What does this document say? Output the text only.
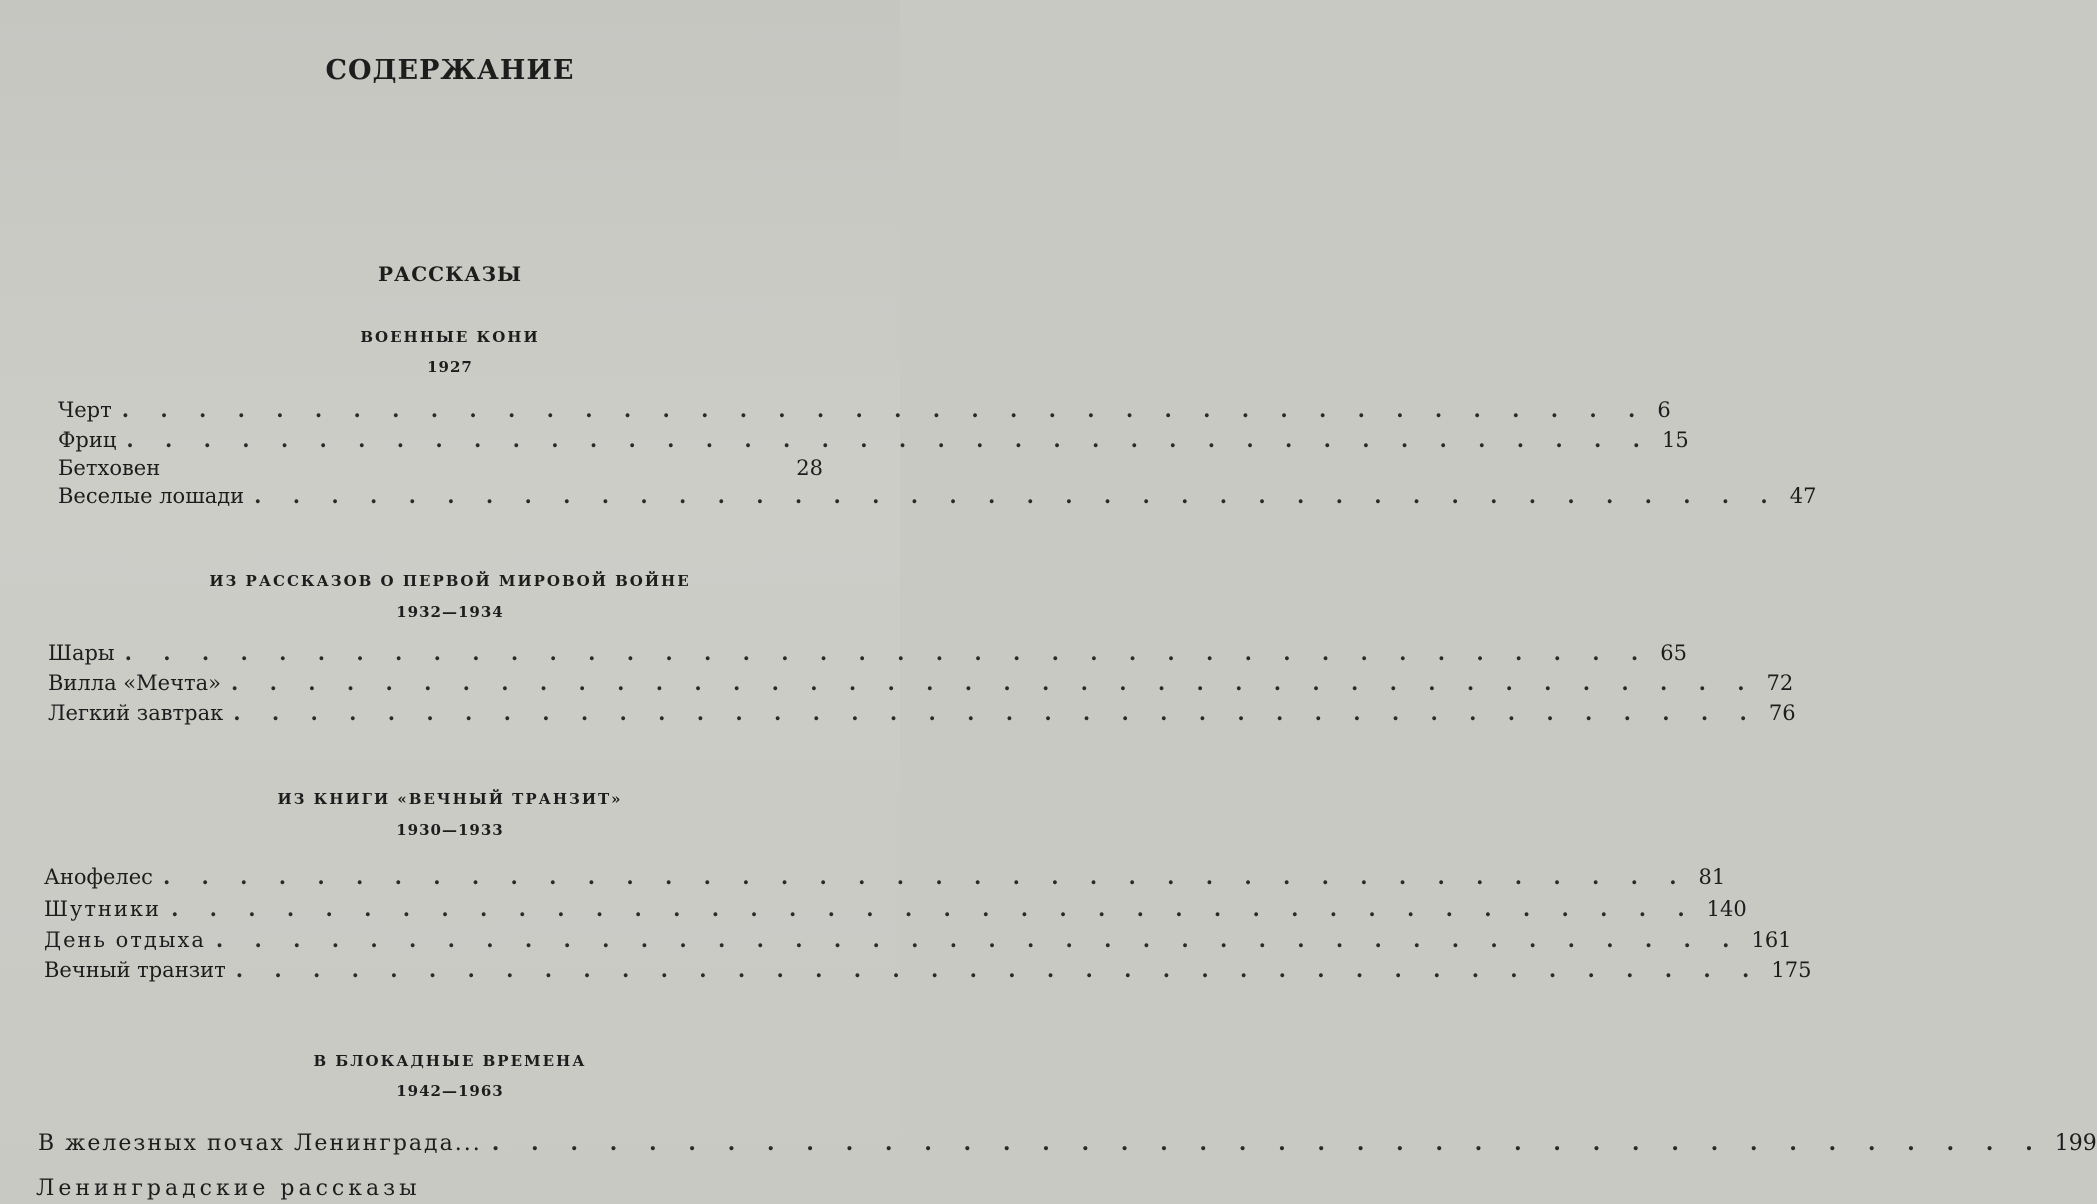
СОДЕРЖАНИЕ
РАССКАЗЫ
ВОЕННЫЕ КОНИ
1927
Черт . . . . . . . . . . . . . . . . . . . . . . . . . . . . . . . . . . . . . . . . 6
Фриц . . . . . . . . . . . . . . . . . . . . . . . . . . . . . . . . . . . . . . . . 15
Бетховен	28
Веселые лошади . . . . . . . . . . . . . . . . . . . . . . . . . . . . . . . . . . . . . . . . 47
ИЗ РАССКАЗОВ О ПЕРВОЙ МИРОВОЙ ВОЙНЕ
1932—1934
Шары . . . . . . . . . . . . . . . . . . . . . . . . . . . . . . . . . . . . . . . . 65
Вилла «Мечта» . . . . . . . . . . . . . . . . . . . . . . . . . . . . . . . . . . . . . . . . 72
Легкий завтрак . . . . . . . . . . . . . . . . . . . . . . . . . . . . . . . . . . . . . . . . 76
ИЗ КНИГИ «ВЕЧНЫЙ ТРАНЗИТ»
1930—1933
Анофелес . . . . . . . . . . . . . . . . . . . . . . . . . . . . . . . . . . . . . . . . 81
Шутники . . . . . . . . . . . . . . . . . . . . . . . . . . . . . . . . . . . . . . . . 140
День отдыха . . . . . . . . . . . . . . . . . . . . . . . . . . . . . . . . . . . . . . . . 161
Вечный транзит . . . . . . . . . . . . . . . . . . . . . . . . . . . . . . . . . . . . . . . . 175
В БЛОКАДНЫЕ ВРЕМЕНА
1942—1963
В железных почах Ленинграда... . . . . . . . . . . . . . . . . . . . . . . . . . . . . . . . . . . . . . . . . 199
Ленинградские рассказы
